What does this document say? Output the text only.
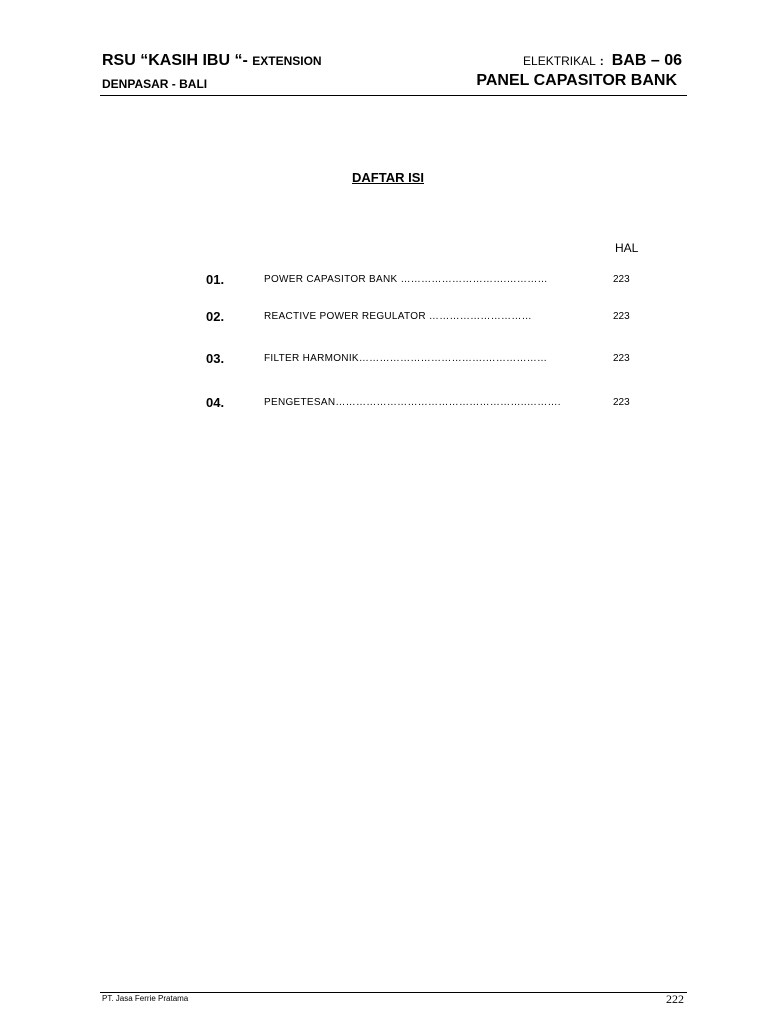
RSU “KASIH IBU “- EXTENSION
DENPASAR - BALI
ELEKTRIKAL : BAB – 06
PANEL CAPASITOR BANK
DAFTAR ISI
HAL
01.	POWER CAPASITOR BANK ………………………….…………	223
02.	REACTIVE POWER REGULATOR …………………………	223
03.	FILTER HARMONIK……………………………….………………	223
04.	PENGETESAN………………………………………………..……….	223
PT. Jasa Ferrie Pratama	222
